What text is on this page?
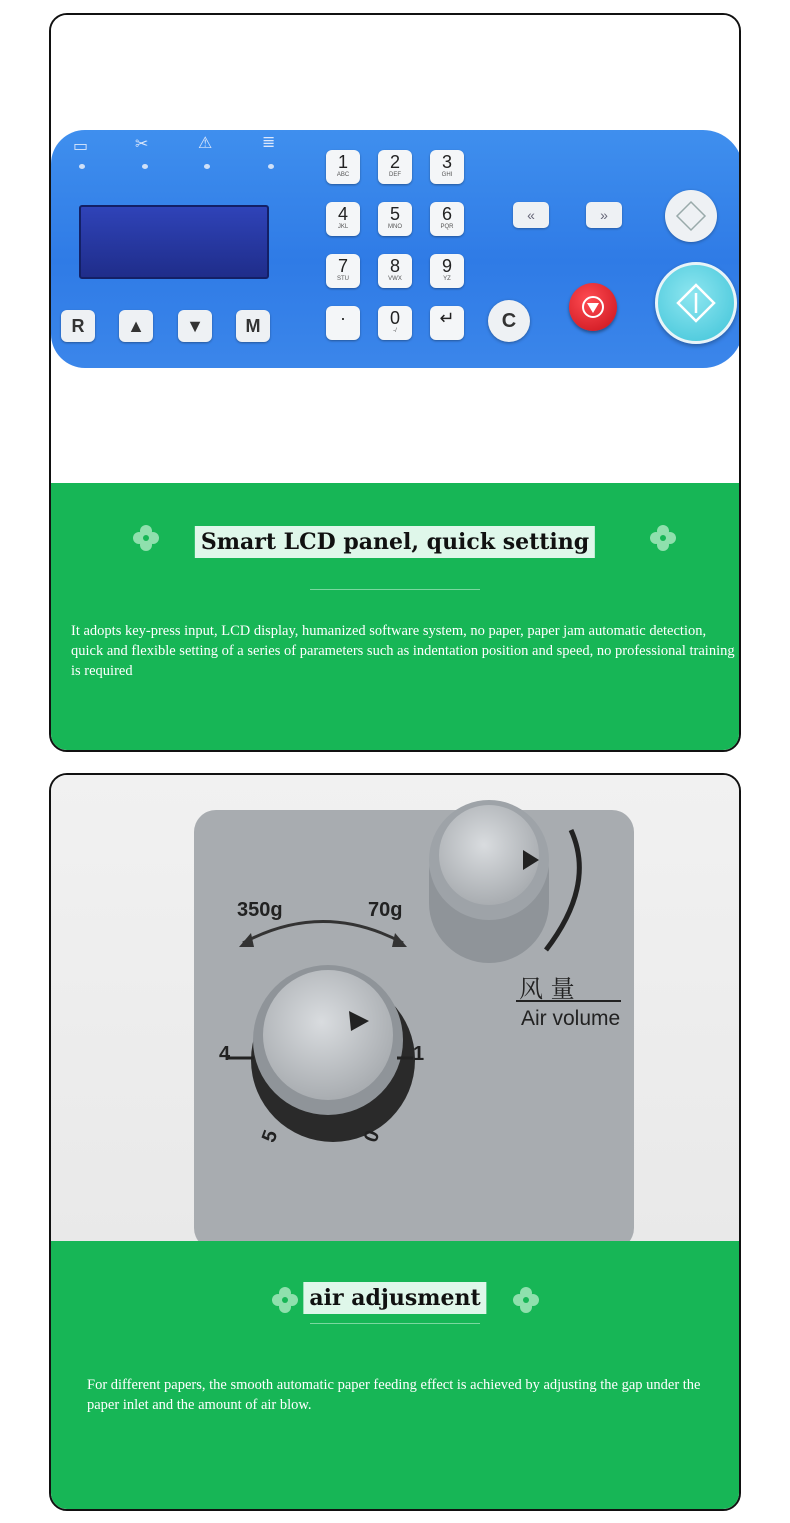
▭	✂	⚠	≣
R	▲	▼	M
1
ABC
2
DEF
3
GHI
4
JKL
5
MNO
6
PQR
7
STU
8
VWX
9
YZ
·	0
-/
↵
«	»
C
Smart LCD panel, quick setting

It adopts key-press input, LCD display, humanized software system, no paper, paper jam automatic detection, quick and flexible setting of a series of parameters such as indentation position and speed, no professional training is required

350g	70g
风 量
Air volume
4	1
5	0
air adjusment

For different papers, the smooth automatic paper feeding effect is achieved by adjusting the gap under the paper inlet and the amount of air blow.
